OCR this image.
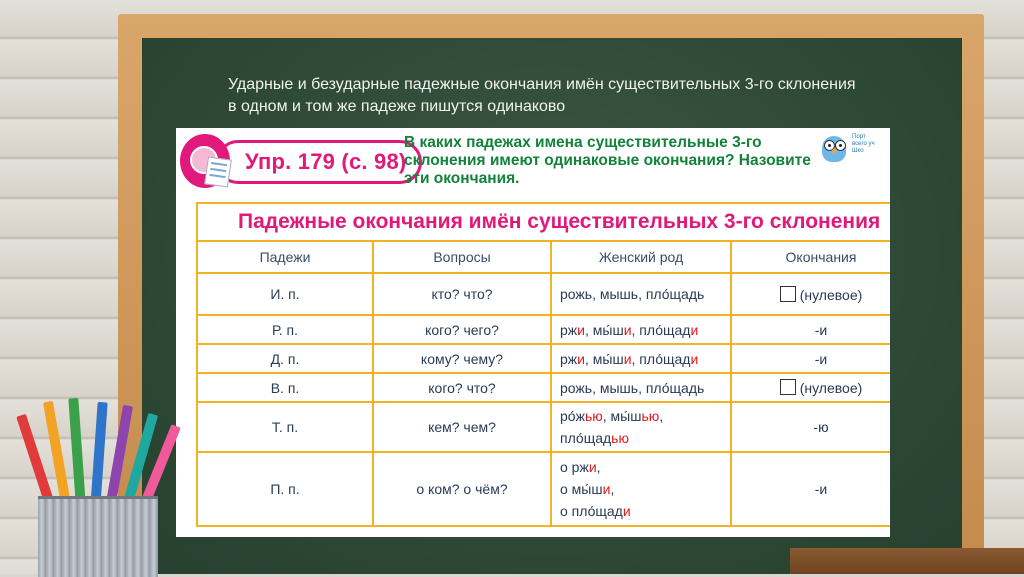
Ударные и безударные падежные окончания имён существительных 3-го склонения в одном и том же падеже пишутся одинаково
Упр. 179 (с. 98)
В каких падежах имена существительные 3-го склонения имеют одинаковые окончания? Назовите эти окончания.
Порт
всего уч
Шко
Падежные окончания имён существительных 3-го склонения
Падежи	Вопросы	Женский род	Окончания
И. п.	кто? что?	рожь, мышь, пло́щадь	(нулевое)
Р. п.	кого? чего?	ржи, мы́ши, пло́щади	-и
Д. п.	кому? чему?	ржи, мы́ши, пло́щади	-и
В. п.	кого? что?	рожь, мышь, пло́щадь	(нулевое)
Т. п.	кем? чем?	ро́жью, мы́шью,
пло́щадью	-ю
П. п.	о ком? о чём?	о ржи,
о мы́ши,
о пло́щади	-и
